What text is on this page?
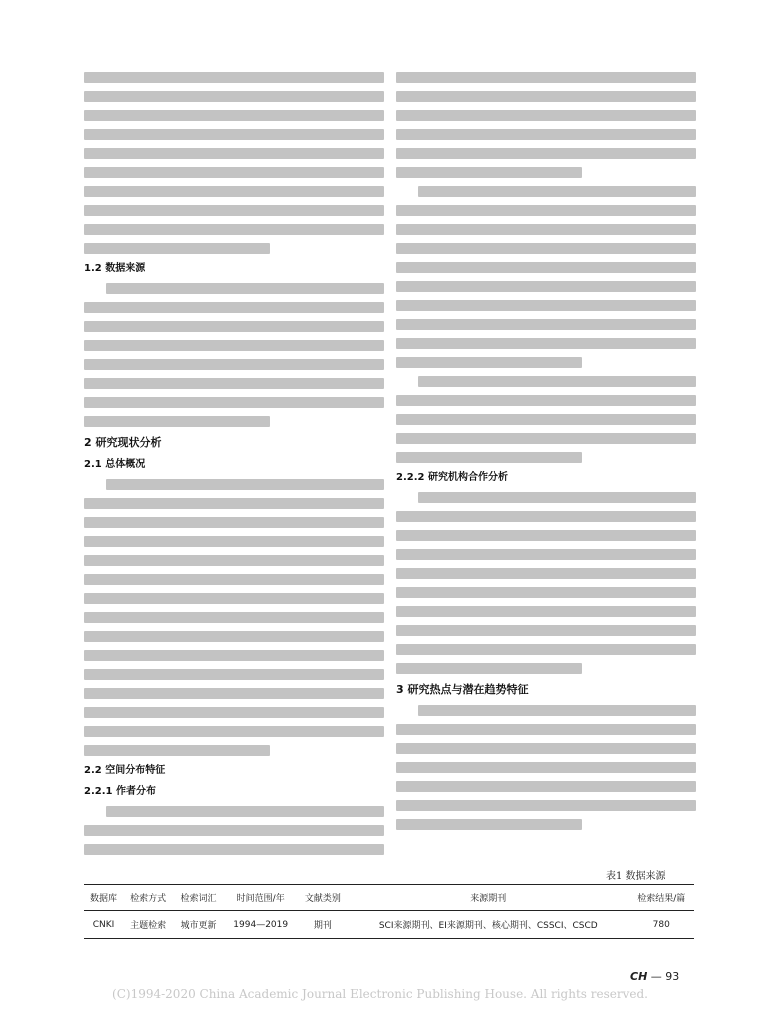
1.2 数据来源
2 研究现状分析
2.1 总体概况
2.2 空间分布特征
2.2.1 作者分布
2.2.2 研究机构合作分析
3 研究热点与潜在趋势特征
表1 数据来源
数据库	检索方式	检索词汇	时间范围/年	文献类别	来源期刊	检索结果/篇
CNKI	主题检索	城市更新	1994—2019	期刊	SCI来源期刊、EI来源期刊、核心期刊、CSSCI、CSCD	780
CH — 93
(C)1994-2020 China Academic Journal Electronic Publishing House. All rights reserved.
